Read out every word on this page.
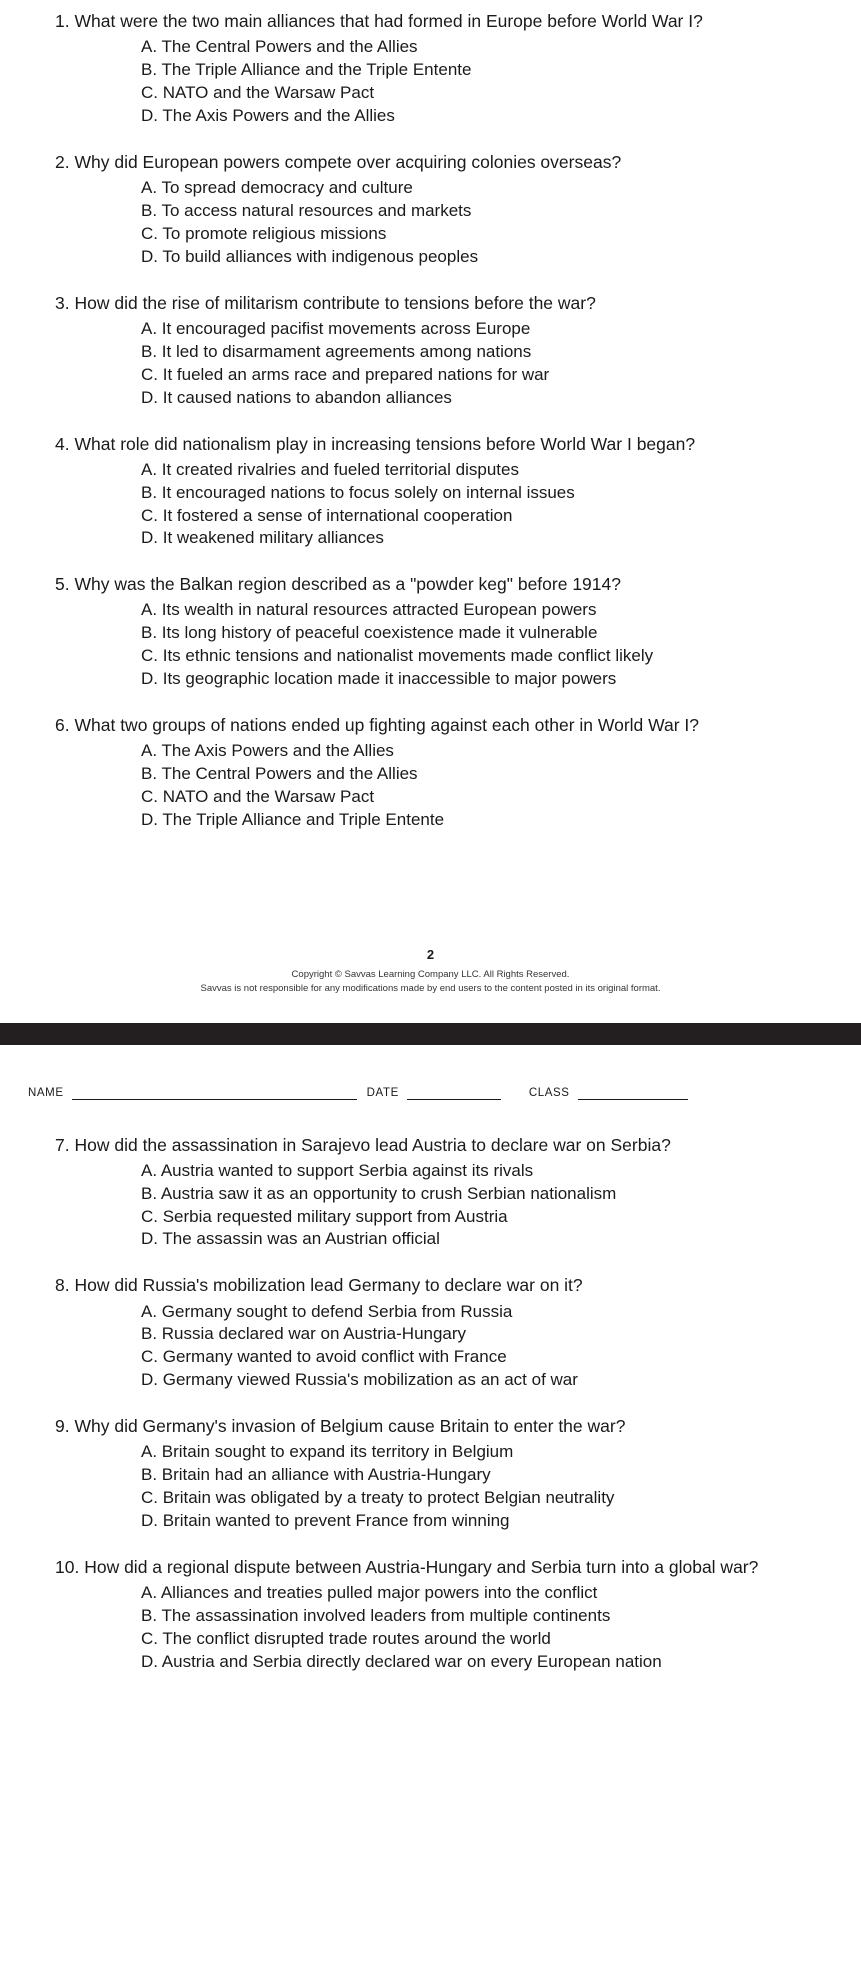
1. What were the two main alliances that had formed in Europe before World War I?
A. The Central Powers and the Allies
B. The Triple Alliance and the Triple Entente
C. NATO and the Warsaw Pact
D. The Axis Powers and the Allies
2. Why did European powers compete over acquiring colonies overseas?
A. To spread democracy and culture
B. To access natural resources and markets
C. To promote religious missions
D. To build alliances with indigenous peoples
3. How did the rise of militarism contribute to tensions before the war?
A. It encouraged pacifist movements across Europe
B. It led to disarmament agreements among nations
C. It fueled an arms race and prepared nations for war
D. It caused nations to abandon alliances
4. What role did nationalism play in increasing tensions before World War I began?
A. It created rivalries and fueled territorial disputes
B. It encouraged nations to focus solely on internal issues
C. It fostered a sense of international cooperation
D. It weakened military alliances
5. Why was the Balkan region described as a "powder keg" before 1914?
A. Its wealth in natural resources attracted European powers
B. Its long history of peaceful coexistence made it vulnerable
C. Its ethnic tensions and nationalist movements made conflict likely
D. Its geographic location made it inaccessible to major powers
6. What two groups of nations ended up fighting against each other in World War I?
A. The Axis Powers and the Allies
B. The Central Powers and the Allies
C. NATO and the Warsaw Pact
D. The Triple Alliance and Triple Entente
2
Copyright © Savvas Learning Company LLC. All Rights Reserved.
Savvas is not responsible for any modifications made by end users to the content posted in its original format.
NAME	DATE	CLASS
7. How did the assassination in Sarajevo lead Austria to declare war on Serbia?
A. Austria wanted to support Serbia against its rivals
B. Austria saw it as an opportunity to crush Serbian nationalism
C. Serbia requested military support from Austria
D. The assassin was an Austrian official
8. How did Russia's mobilization lead Germany to declare war on it?
A. Germany sought to defend Serbia from Russia
B. Russia declared war on Austria-Hungary
C. Germany wanted to avoid conflict with France
D. Germany viewed Russia's mobilization as an act of war
9. Why did Germany's invasion of Belgium cause Britain to enter the war?
A. Britain sought to expand its territory in Belgium
B. Britain had an alliance with Austria-Hungary
C. Britain was obligated by a treaty to protect Belgian neutrality
D. Britain wanted to prevent France from winning
10. How did a regional dispute between Austria-Hungary and Serbia turn into a global war?
A. Alliances and treaties pulled major powers into the conflict
B. The assassination involved leaders from multiple continents
C. The conflict disrupted trade routes around the world
D. Austria and Serbia directly declared war on every European nation
